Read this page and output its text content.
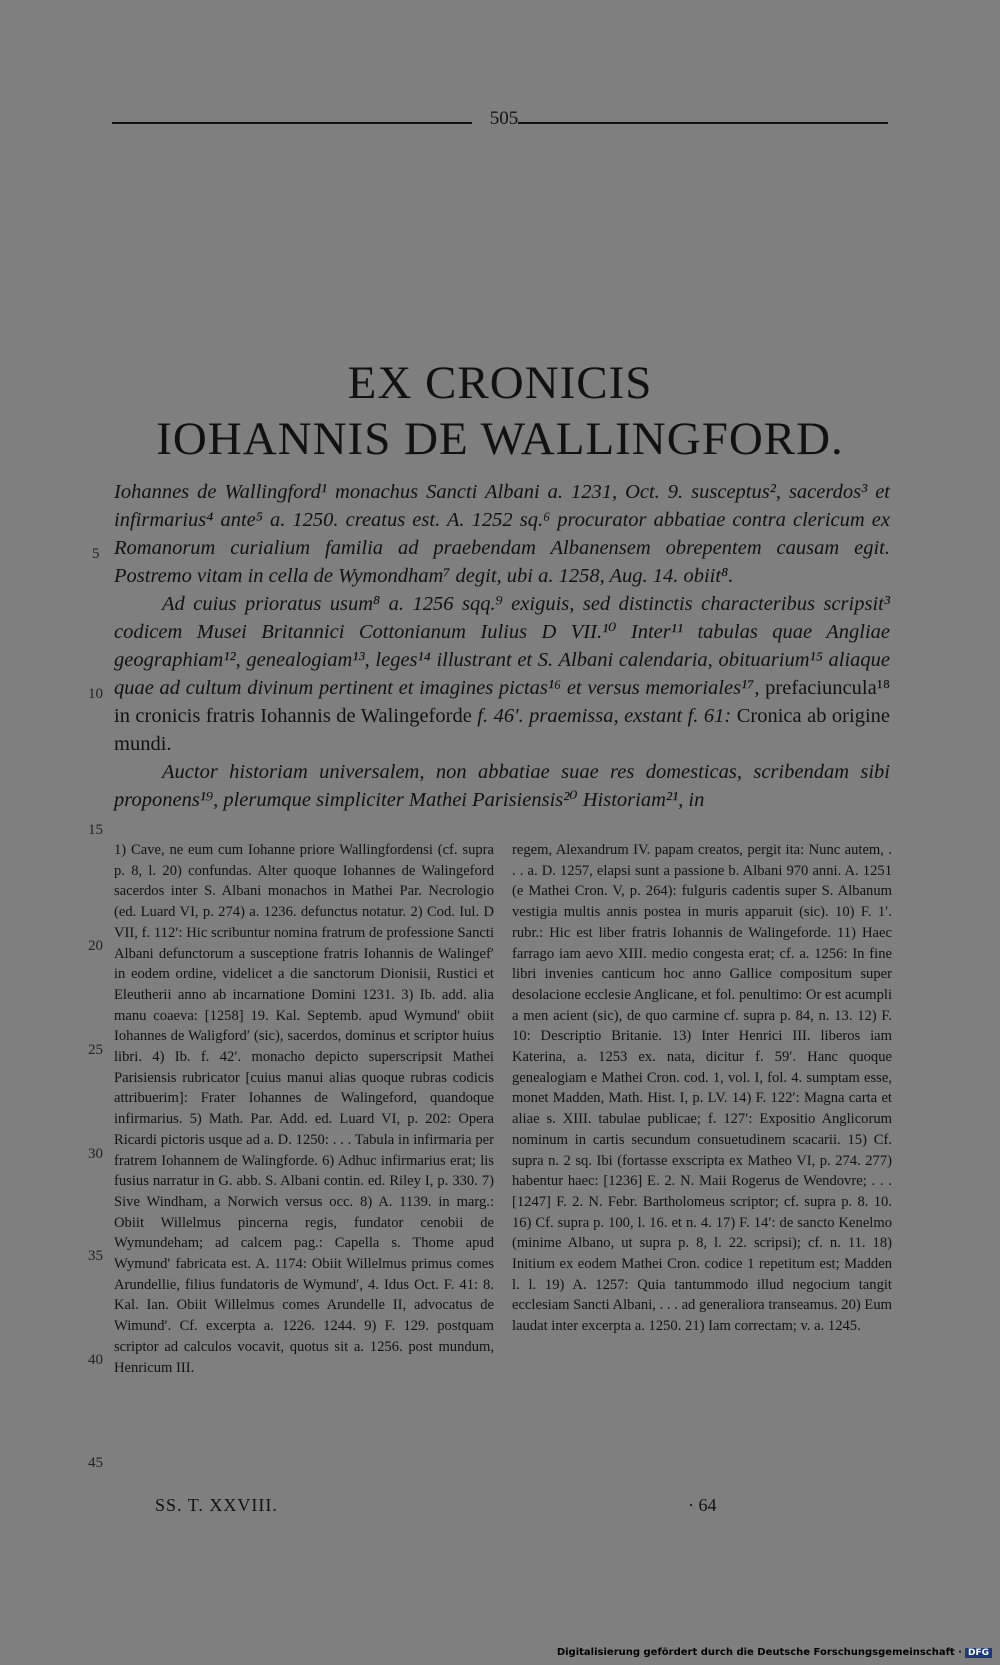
505
EX CRONICIS
IOHANNIS DE WALLINGFORD.
5
10
15
20
25
30
35
40
45

Iohannes de Wallingford¹ monachus Sancti Albani a. 1231, Oct. 9. susceptus², sacerdos³ et infirmarius⁴ ante⁵ a. 1250. creatus est. A. 1252 sq.⁶ procurator abbatiae contra clericum ex Romanorum curialium familia ad praebendam Albanensem obrepentem causam egit. Postremo vitam in cella de Wymondham⁷ degit, ubi a. 1258, Aug. 14. obiit⁸.

Ad cuius prioratus usum⁸ a. 1256 sqq.⁹ exiguis, sed distinctis characteribus scripsit³ codicem Musei Britannici Cottonianum Iulius D VII.¹⁰ Inter¹¹ tabulas quae Angliae geographiam¹², genealogiam¹³, leges¹⁴ illustrant et S. Albani calendaria, obituarium¹⁵ aliaque quae ad cultum divinum pertinent et imagines pictas¹⁶ et versus memoriales¹⁷, prefaciuncula¹⁸ in cronicis fratris Iohannis de Walingeforde f. 46′. praemissa, exstant f. 61: Cronica ab origine mundi.

Auctor historiam universalem, non abbatiae suae res domesticas, scribendam sibi proponens¹⁹, plerumque simpliciter Mathei Parisiensis²⁰ Historiam²¹, in

1) Cave, ne eum cum Iohanne priore Wallingfordensi (cf. supra p. 8, l. 20) confundas. Alter quoque Iohannes de Walingeford sacerdos inter S. Albani monachos in Mathei Par. Necrologio (ed. Luard VI, p. 274) a. 1236. defunctus notatur. 2) Cod. Iul. D VII, f. 112′: Hic scribuntur nomina fratrum de professione Sancti Albani defunctorum a susceptione fratris Iohannis de Walingef′ in eodem ordine, videlicet a die sanctorum Dionisii, Rustici et Eleutherii anno ab incarnatione Domini 1231. 3) Ib. add. alia manu coaeva: [1258] 19. Kal. Septemb. apud Wymund′ obiit Iohannes de Waligford′ (sic), sacerdos, dominus et scriptor huius libri. 4) Ib. f. 42′. monacho depicto superscripsit Mathei Parisiensis rubricator [cuius manui alias quoque rubras codicis attribuerim]: Frater Iohannes de Walingeford, quandoque infirmarius. 5) Math. Par. Add. ed. Luard VI, p. 202: Opera Ricardi pictoris usque ad a. D. 1250: . . . Tabula in infirmaria per fratrem Iohannem de Walingforde. 6) Adhuc infirmarius erat; lis fusius narratur in G. abb. S. Albani contin. ed. Riley I, p. 330. 7) Sive Windham, a Norwich versus occ. 8) A. 1139. in marg.: Obiit Willelmus pincerna regis, fundator cenobii de Wymundeham; ad calcem pag.: Capella s. Thome apud Wymund′ fabricata est. A. 1174: Obiit Willelmus primus comes Arundellie, filius fundatoris de Wymund′, 4. Idus Oct. F. 41: 8. Kal. Ian. Obiit Willelmus comes Arundelle II, advocatus de Wimund′. Cf. excerpta a. 1226. 1244. 9) F. 129. postquam scriptor ad calculos vocavit, quotus sit a. 1256. post mundum, Henricum III.

regem, Alexandrum IV. papam creatos, pergit ita: Nunc autem, . . . a. D. 1257, elapsi sunt a passione b. Albani 970 anni. A. 1251 (e Mathei Cron. V, p. 264): fulguris cadentis super S. Albanum vestigia multis annis postea in muris apparuit (sic). 10) F. 1′. rubr.: Hic est liber fratris Iohannis de Walingeforde. 11) Haec farrago iam aevo XIII. medio congesta erat; cf. a. 1256: In fine libri invenies canticum hoc anno Gallice compositum super desolacione ecclesie Anglicane, et fol. penultimo: Or est acumpli a men acient (sic), de quo carmine cf. supra p. 84, n. 13. 12) F. 10: Descriptio Britanie. 13) Inter Henrici III. liberos iam Katerina, a. 1253 ex. nata, dicitur f. 59′. Hanc quoque genealogiam e Mathei Cron. cod. 1, vol. I, fol. 4. sumptam esse, monet Madden, Math. Hist. I, p. LV. 14) F. 122′: Magna carta et aliae s. XIII. tabulae publicae; f. 127′: Expositio Anglicorum nominum in cartis secundum consuetudinem scacarii. 15) Cf. supra n. 2 sq. Ibi (fortasse exscripta ex Matheo VI, p. 274. 277) habentur haec: [1236] E. 2. N. Maii Rogerus de Wendovre; . . . [1247] F. 2. N. Febr. Bartholomeus scriptor; cf. supra p. 8. 10. 16) Cf. supra p. 100, l. 16. et n. 4. 17) F. 14′: de sancto Kenelmo (minime Albano, ut supra p. 8, l. 22. scripsi); cf. n. 11. 18) Initium ex eodem Mathei Cron. codice 1 repetitum est; Madden l. l. 19) A. 1257: Quia tantummodo illud negocium tangit ecclesiam Sancti Albani, . . . ad generaliora transeamus. 20) Eum laudat inter excerpta a. 1250. 21) Iam correctam; v. a. 1245.

SS. T. XXVIII.	· 64
Digitalisierung gefördert durch die Deutsche Forschungsgemeinschaft · DFG
